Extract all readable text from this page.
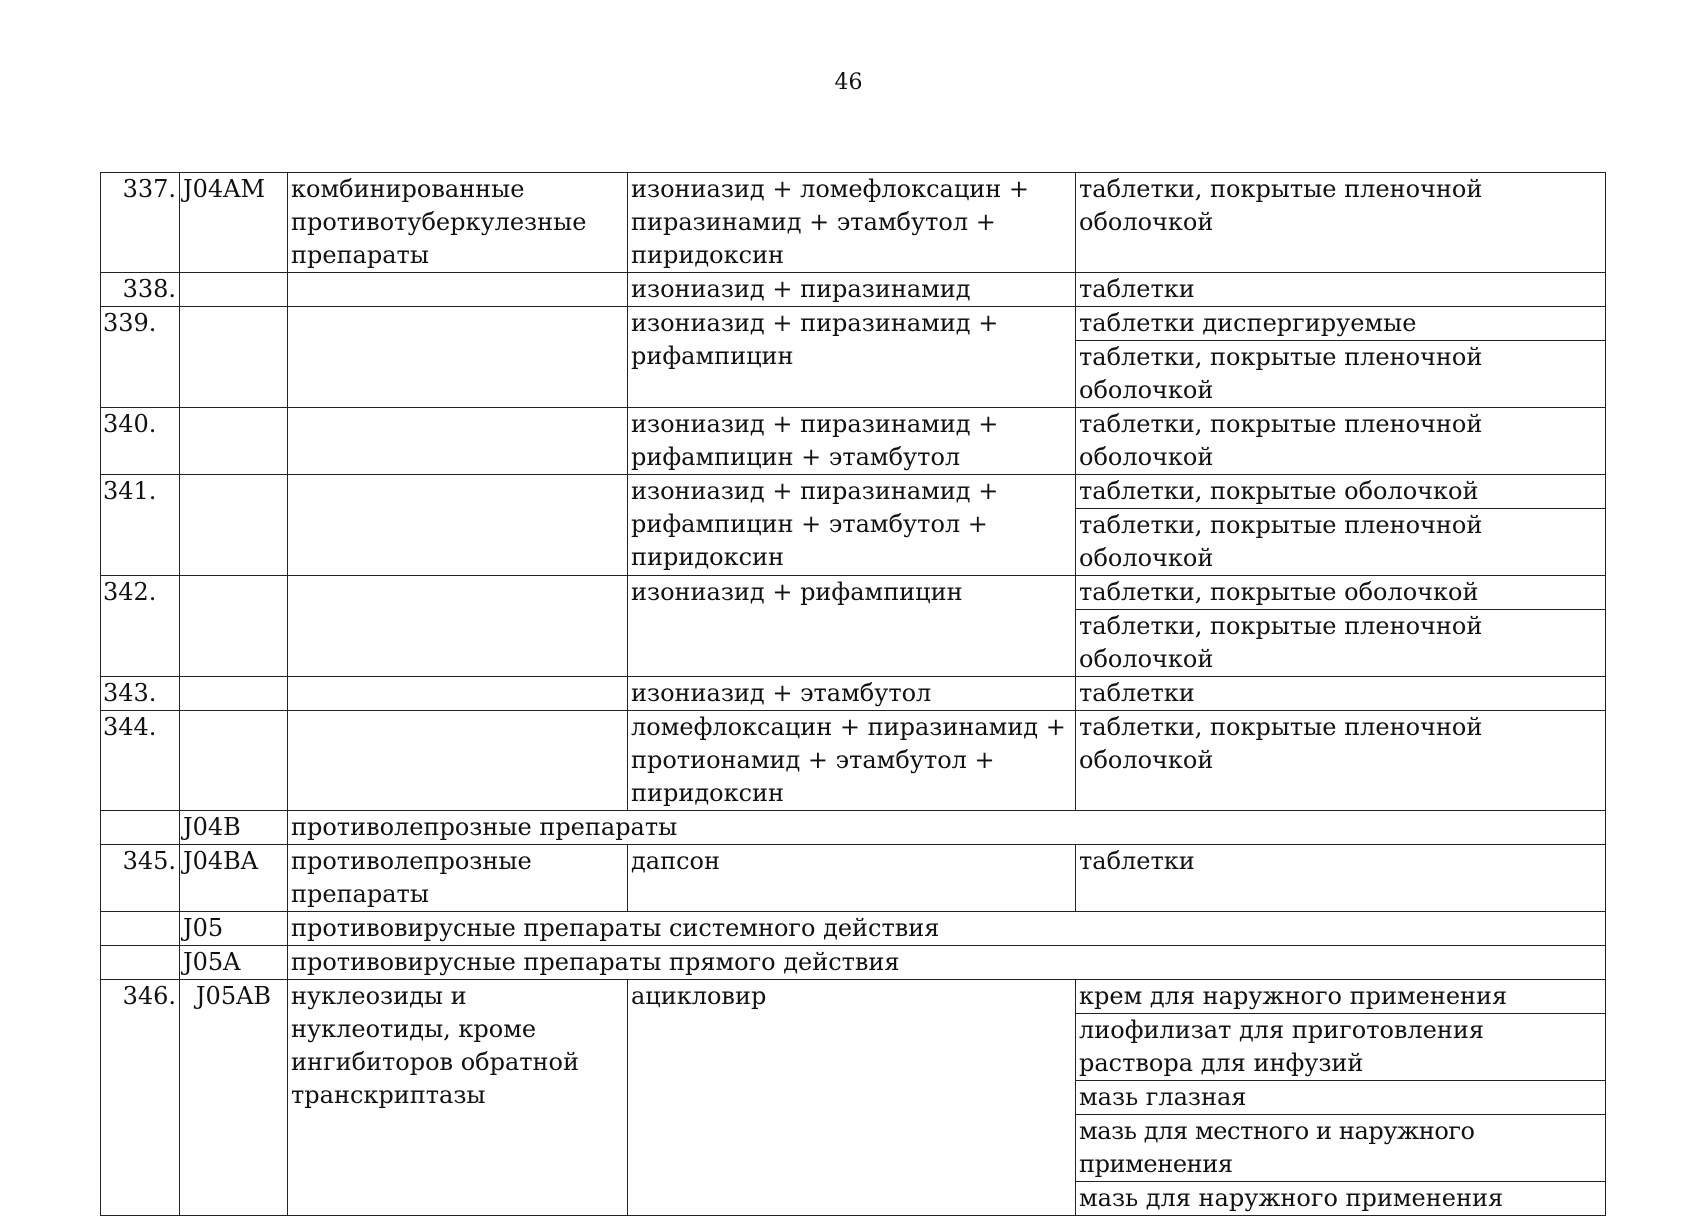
46
337.	J04AM	комбинированные противотуберкулезные препараты	изониазид + ломефлоксацин + пиразинамид + этамбутол + пиридоксин	таблетки, покрытые пленочной оболочкой
338.			изониазид + пиразинамид	таблетки
339.			изониазид + пиразинамид + рифампицин	таблетки диспергируемые
				таблетки, покрытые пленочной оболочкой
340.			изониазид + пиразинамид + рифампицин + этамбутол	таблетки, покрытые пленочной оболочкой
341.			изониазид + пиразинамид + рифампицин + этамбутол + пиридоксин	таблетки, покрытые оболочкой
				таблетки, покрытые пленочной оболочкой
342.			изониазид + рифампицин	таблетки, покрытые оболочкой
				таблетки, покрытые пленочной оболочкой
343.			изониазид + этамбутол	таблетки
344.			ломефлоксацин + пиразинамид + протионамид + этамбутол + пиридоксин	таблетки, покрытые пленочной оболочкой
	J04B	противолепрозные препараты		
345.	J04BA	противолепрозные препараты	дапсон	таблетки
	J05	противовирусные препараты системного действия		
	J05A	противовирусные препараты прямого действия		
346.	J05AB	нуклеозиды и нуклеотиды, кроме ингибиторов обратной транскриптазы	ацикловир	крем для наружного применения
				лиофилизат для приготовления раствора для инфузий
				мазь глазная
				мазь для местного и наружного применения
				мазь для наружного применения
